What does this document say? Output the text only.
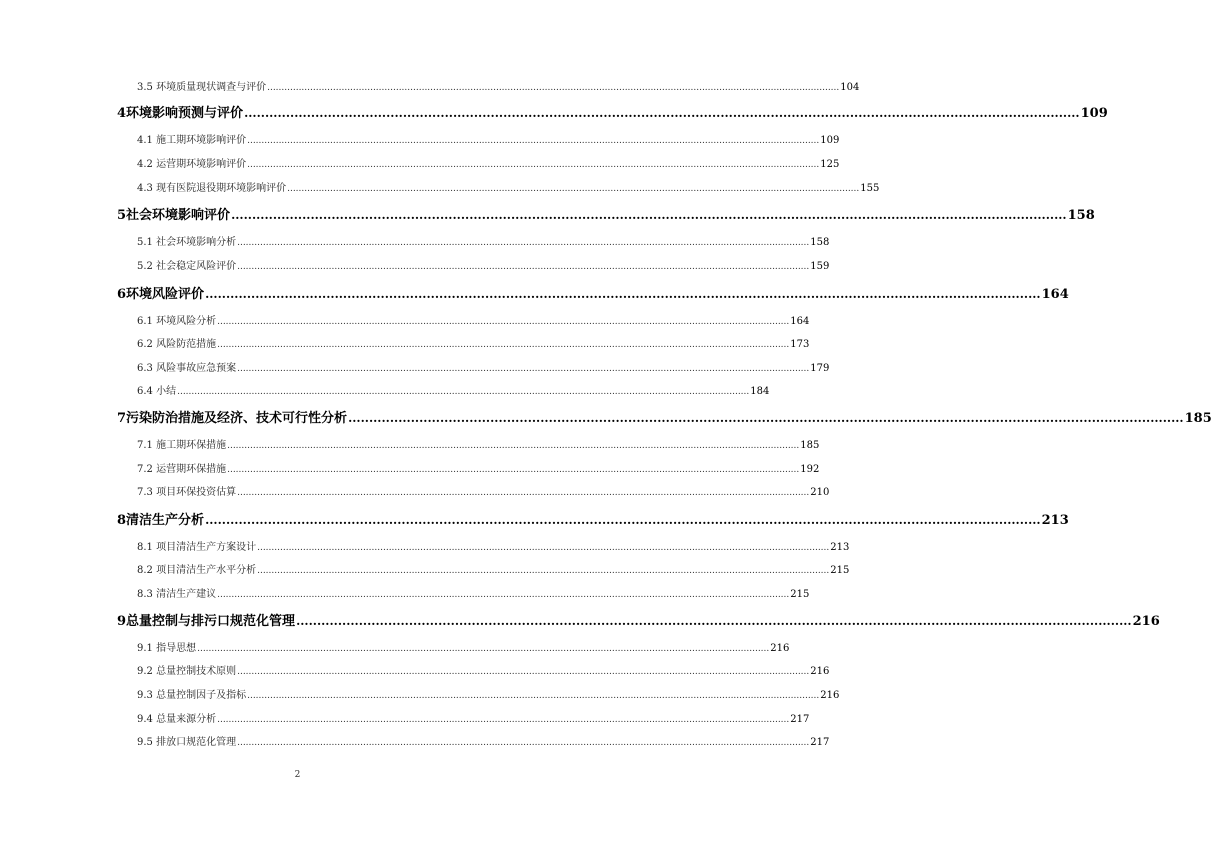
3.5 环境质量现状调查与评价 ........................................................................................................................................................................................................ 104
4 环境影响预测与评价 ........................................................................................................................................................................................................ 109
4.1 施工期环境影响评价 ........................................................................................................................................................................................................ 109
4.2 运营期环境影响评价 ........................................................................................................................................................................................................ 125
4.3 现有医院退役期环境影响评价 ........................................................................................................................................................................................................ 155
5 社会环境影响评价 ........................................................................................................................................................................................................ 158
5.1 社会环境影响分析 ........................................................................................................................................................................................................ 158
5.2 社会稳定风险评价 ........................................................................................................................................................................................................ 159
6 环境风险评价 ........................................................................................................................................................................................................ 164
6.1 环境风险分析 ........................................................................................................................................................................................................ 164
6.2 风险防范措施 ........................................................................................................................................................................................................ 173
6.3 风险事故应急预案 ........................................................................................................................................................................................................ 179
6.4 小结 ........................................................................................................................................................................................................ 184
7 污染防治措施及经济、技术可行性分析 ........................................................................................................................................................................................................ 185
7.1 施工期环保措施 ........................................................................................................................................................................................................ 185
7.2 运营期环保措施 ........................................................................................................................................................................................................ 192
7.3 项目环保投资估算 ........................................................................................................................................................................................................ 210
8 清洁生产分析 ........................................................................................................................................................................................................ 213
8.1 项目清洁生产方案设计 ........................................................................................................................................................................................................ 213
8.2 项目清洁生产水平分析 ........................................................................................................................................................................................................ 215
8.3 清洁生产建议 ........................................................................................................................................................................................................ 215
9 总量控制与排污口规范化管理 ........................................................................................................................................................................................................ 216
9.1 指导思想 ........................................................................................................................................................................................................ 216
9.2 总量控制技术原则 ........................................................................................................................................................................................................ 216
9.3 总量控制因子及指标 ........................................................................................................................................................................................................ 216
9.4 总量来源分析 ........................................................................................................................................................................................................ 217
9.5 排放口规范化管理 ........................................................................................................................................................................................................ 217
2
